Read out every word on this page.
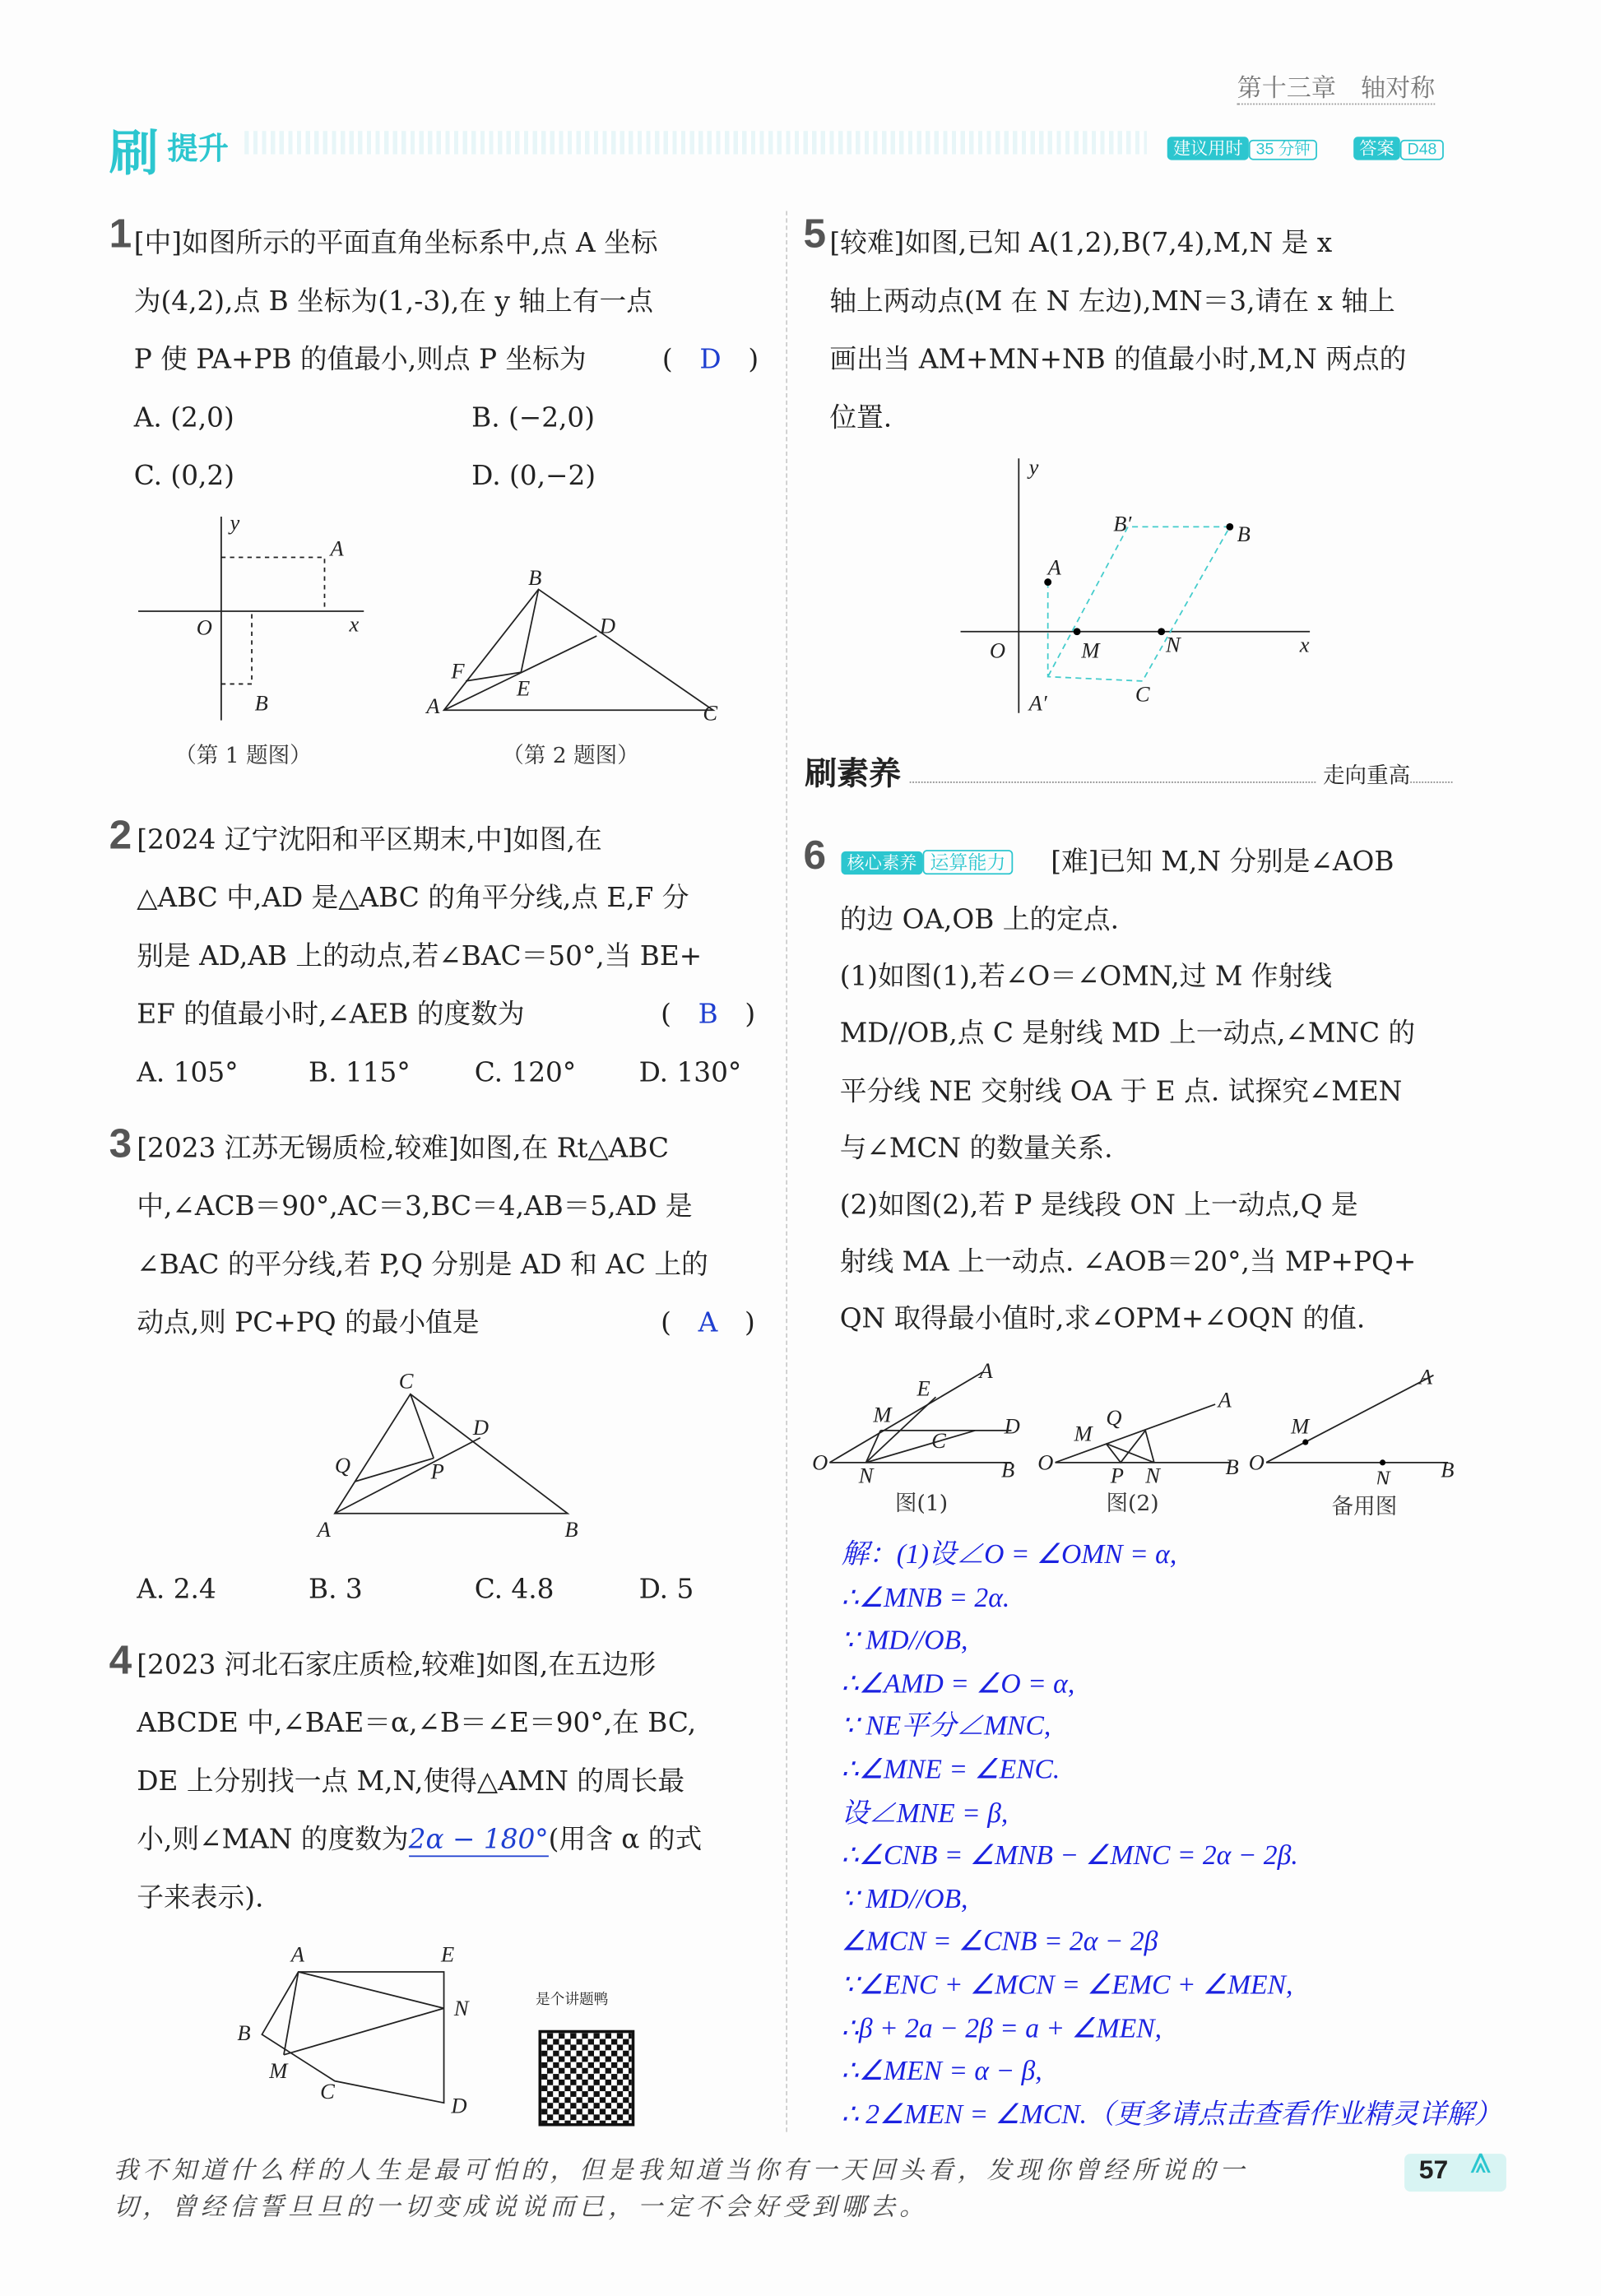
第十三章　轴对称
刷 提升	建议用时 35 分钟	答案 D48
1 [中]如图所示的平面直角坐标系中,点 A 坐标
为(4,2),点 B 坐标为(1,-3),在 y 轴上有一点
P 使 PA+PB 的值最小,则点 P 坐标为	(　D　)
A. (2,0)	B. (−2,0)
C. (0,2)	D. (0,−2)
y
x
O
A
B
B
D
F
E
A	C
（第 1 题图）	（第 2 题图）
2 [2024 辽宁沈阳和平区期末,中]如图,在
△ABC 中,AD 是△ABC 的角平分线,点 E,F 分
别是 AD,AB 上的动点,若∠BAC＝50°,当 BE+
EF 的值最小时,∠AEB 的度数为	(　B　)
A. 105°	B. 115°	C. 120°	D. 130°
3 [2023 江苏无锡质检,较难]如图,在 Rt△ABC
中,∠ACB＝90°,AC＝3,BC＝4,AB＝5,AD 是
∠BAC 的平分线,若 P,Q 分别是 AD 和 AC 上的
动点,则 PC+PQ 的最小值是	(　A　)
C
D
Q	P
A	B
A. 2.4	B. 3	C. 4.8	D. 5
4 [2023 河北石家庄质检,较难]如图,在五边形
ABCDE 中,∠BAE＝α,∠B＝∠E＝90°,在 BC,
DE 上分别找一点 M,N,使得△AMN 的周长最
小,则∠MAN 的度数为2α − 180°(用含 α 的式
子来表示).
A	E
N
B
M
C
D
是个讲题鸭
5 [较难]如图,已知 A(1,2),B(7,4),M,N 是 x
轴上两动点(M 在 N 左边),MN＝3,请在 x 轴上
画出当 AM+MN+NB 的值最小时,M,N 两点的
位置.
y
x
O
A
B
B′
M	N
A′	C
刷素养	走向重高
6	核心素养 运算能力	[难]已知 M,N 分别是∠AOB
的边 OA,OB 上的定点.
(1)如图(1),若∠O＝∠OMN,过 M 作射线
MD//OB,点 C 是射线 MD 上一动点,∠MNC 的
平分线 NE 交射线 OA 于 E 点. 试探究∠MEN
与∠MCN 的数量关系.
(2)如图(2),若 P 是线段 ON 上一动点,Q 是
射线 MA 上一动点. ∠AOB＝20°,当 MP+PQ+
QN 取得最小值时,求∠OPM+∠OQN 的值.
O
M
E
A
D
C
N	B O
M
Q
A
P N	B O
M
A
N	B
图(1)	图(2)	备用图
解：(1)设∠O = ∠OMN = α,
∴∠MNB = 2α.
∵ MD//OB,
∴∠AMD = ∠O = α,
∵ NE平分∠MNC,
∴∠MNE = ∠ENC.
设∠MNE = β,
∴∠CNB = ∠MNB − ∠MNC = 2α − 2β.
∵ MD//OB,
∠MCN = ∠CNB = 2α − 2β
∵∠ENC + ∠MCN = ∠EMC + ∠MEN,
∴β + 2a − 2β = a + ∠MEN,
∴∠MEN = α − β,
∴ 2∠MEN = ∠MCN.（更多请点击查看作业精灵详解）
我不知道什么样的人生是最可怕的，但是我知道当你有一天回头看，发现你曾经所说的一
切，曾经信誓旦旦的一切变成说说而已，一定不会好受到哪去。
57 ⩓
